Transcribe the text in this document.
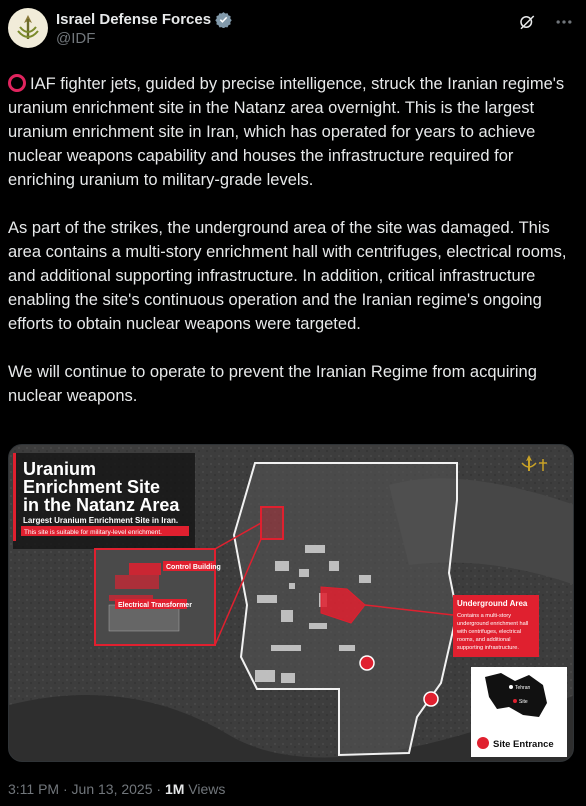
Israel Defense Forces
@IDF

IAF fighter jets, guided by precise intelligence, struck the Iranian regime's uranium enrichment site in the Natanz area overnight. This is the largest uranium enrichment site in Iran, which has operated for years to achieve nuclear weapons capability and houses the infrastructure required for enriching uranium to military-grade levels.

As part of the strikes, the underground area of the site was damaged. This area contains a multi-story enrichment hall with centrifuges, electrical rooms, and additional supporting infrastructure. In addition, critical infrastructure enabling the site's continuous operation and the Iranian regime's ongoing efforts to obtain nuclear weapons were targeted.

We will continue to operate to prevent the Iranian Regime from acquiring nuclear weapons.

Uranium
Enrichment Site
in the Natanz Area
Largest Uranium Enrichment Site in Iran.
This site is suitable for military-level enrichment.
Control Building
Electrical Transformer	Underground Area
Contains a multi-story
underground enrichment hall
with centrifuges, electrical
rooms, and additional
supporting infrastructure.
Tehran
Site
Site Entrance
3:11 PM · Jun 13, 2025 · 1M Views
